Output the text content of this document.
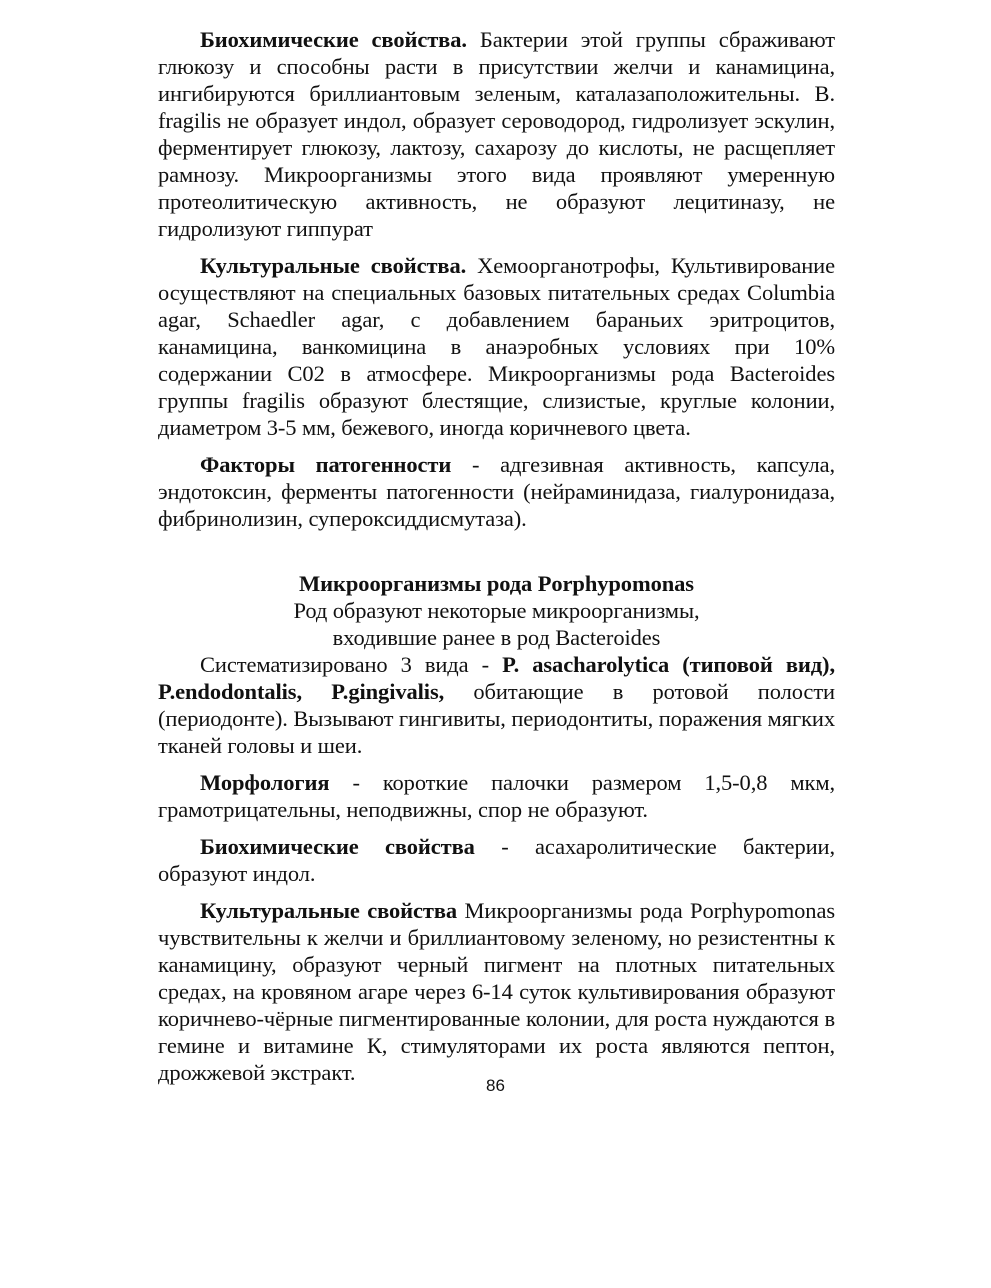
Биохимические свойства. Бактерии этой группы сбраживают глюкозу и способны расти в присутствии желчи и канамицина, ингибируются бриллиантовым зеленым, каталазаположительны. B. fragilis не образует индол, образует сероводород, гидролизует эскулин, ферментирует глюкозу, лактозу, сахарозу до кислоты, не расщепляет рамнозу. Микроорганизмы этого вида проявляют умеренную протеолитическую активность, не образуют лецитиназу, не гидролизуют гиппурат

Культуральные свойства. Хемоорганотрофы, Культивирование осуществляют на специальных базовых питательных средах Columbia agar, Schaedler agar, с добавлением бараньих эритроцитов, канамицина, ванкомицина в анаэробных условиях при 10% содержании С02 в атмосфере. Микроорганизмы рода Bacteroides группы fragilis образуют блестящие, слизистые, круглые колонии, диаметром 3-5 мм, бежевого, иногда коричневого цвета.

Факторы патогенности - адгезивная активность, капсула, эндотоксин, ферменты патогенности (нейраминидаза, гиалуронидаза, фибринолизин, супероксиддисмутаза).

Микроорганизмы рода Porphypomonas

Род образуют некоторые микроорганизмы,

входившие ранее в род Bacteroides

Систематизировано 3 вида - P. asacharolytica (типовой вид), P.endodontalis, P.gingivalis, обитающие в ротовой полости (периодонте). Вызывают гингивиты, периодонтиты, поражения мягких тканей головы и шеи.

Морфология - короткие палочки размером 1,5-0,8 мкм, грамотрицательны, неподвижны, спор не образуют.

Биохимические свойства - асахаролитические бактерии, образуют индол.

Культуральные свойства Микроорганизмы рода Porphypomonas чувствительны к желчи и бриллиантовому зеленому, но резистентны к канамицину, образуют черный пигмент на плотных питательных средах, на кровяном агаре через 6-14 суток культивирования образуют коричнево-чёрные пигментированные колонии, для роста нуждаются в гемине и витамине К, стимуляторами их роста являются пептон, дрожжевой экстракт.

86
